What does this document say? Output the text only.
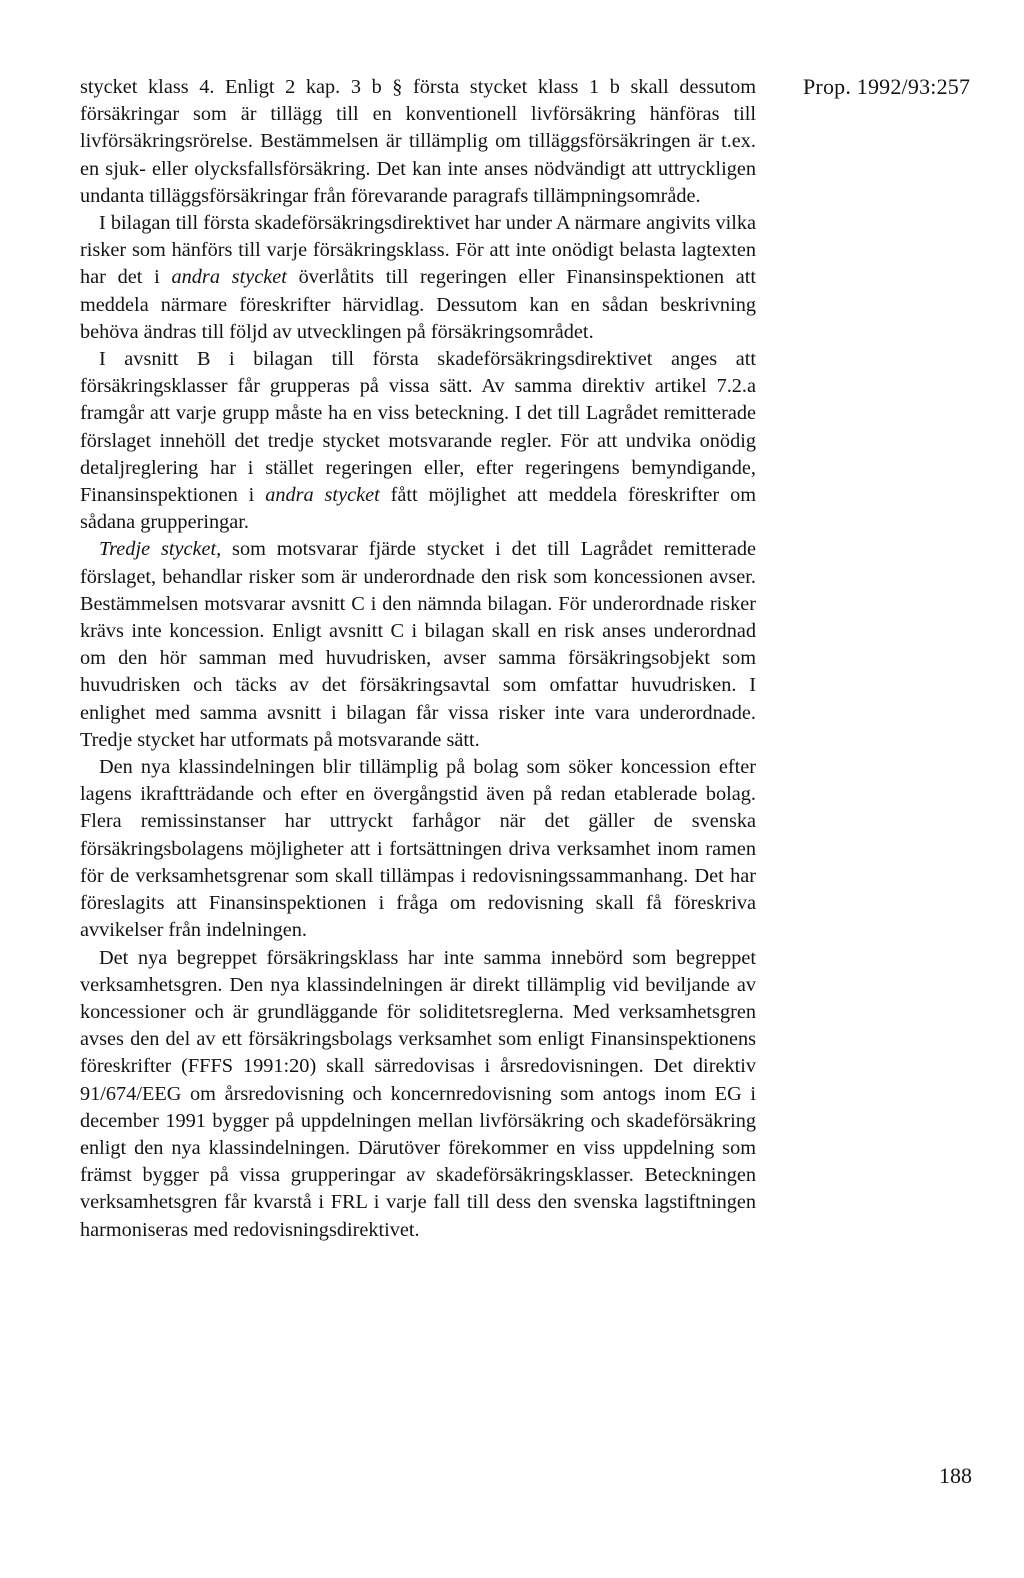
Prop. 1992/93:257

stycket klass 4. Enligt 2 kap. 3 b § första stycket klass 1 b skall dessutom försäkringar som är tillägg till en konventionell livförsäkring hänföras till livförsäkringsrörelse. Bestämmelsen är tillämplig om tilläggsförsäkringen är t.ex. en sjuk- eller olycksfallsförsäkring. Det kan inte anses nödvändigt att uttryckligen undanta tilläggsförsäkringar från förevarande paragrafs tillämpningsområde.

I bilagan till första skadeförsäkringsdirektivet har under A närmare angivits vilka risker som hänförs till varje försäkringsklass. För att inte onödigt belasta lagtexten har det i andra stycket överlåtits till regeringen eller Finansinspektionen att meddela närmare föreskrifter härvidlag. Dessutom kan en sådan beskrivning behöva ändras till följd av utvecklingen på försäkringsområdet.

I avsnitt B i bilagan till första skadeförsäkringsdirektivet anges att försäkringsklasser får grupperas på vissa sätt. Av samma direktiv artikel 7.2.a framgår att varje grupp måste ha en viss beteckning. I det till Lagrådet remitterade förslaget innehöll det tredje stycket motsvarande regler. För att undvika onödig detaljreglering har i stället regeringen eller, efter regeringens bemyndigande, Finansinspektionen i andra stycket fått möjlighet att meddela föreskrifter om sådana grupperingar.

Tredje stycket, som motsvarar fjärde stycket i det till Lagrådet remitterade förslaget, behandlar risker som är underordnade den risk som koncessionen avser. Bestämmelsen motsvarar avsnitt C i den nämnda bilagan. För underordnade risker krävs inte koncession. Enligt avsnitt C i bilagan skall en risk anses underordnad om den hör samman med huvudrisken, avser samma försäkringsobjekt som huvudrisken och täcks av det försäkringsavtal som omfattar huvudrisken. I enlighet med samma avsnitt i bilagan får vissa risker inte vara underordnade. Tredje stycket har utformats på motsvarande sätt.

Den nya klassindelningen blir tillämplig på bolag som söker koncession efter lagens ikraftträdande och efter en övergångstid även på redan etablerade bolag. Flera remissinstanser har uttryckt farhågor när det gäller de svenska försäkringsbolagens möjligheter att i fortsättningen driva verksamhet inom ramen för de verksamhetsgrenar som skall tillämpas i redovisningssammanhang. Det har föreslagits att Finansinspektionen i fråga om redovisning skall få föreskriva avvikelser från indelningen.

Det nya begreppet försäkringsklass har inte samma innebörd som begreppet verksamhetsgren. Den nya klassindelningen är direkt tillämplig vid beviljande av koncessioner och är grundläggande för soliditetsreglerna. Med verksamhetsgren avses den del av ett försäkringsbolags verksamhet som enligt Finansinspektionens föreskrifter (FFFS 1991:20) skall särredovisas i årsredovisningen. Det direktiv 91/674/EEG om årsredovisning och koncernredovisning som antogs inom EG i december 1991 bygger på uppdelningen mellan livförsäkring och skadeförsäkring enligt den nya klassindelningen. Därutöver förekommer en viss uppdelning som främst bygger på vissa grupperingar av skadeförsäkringsklasser. Beteckningen verksamhetsgren får kvarstå i FRL i varje fall till dess den svenska lagstiftningen harmoniseras med redovisningsdirektivet.

188
